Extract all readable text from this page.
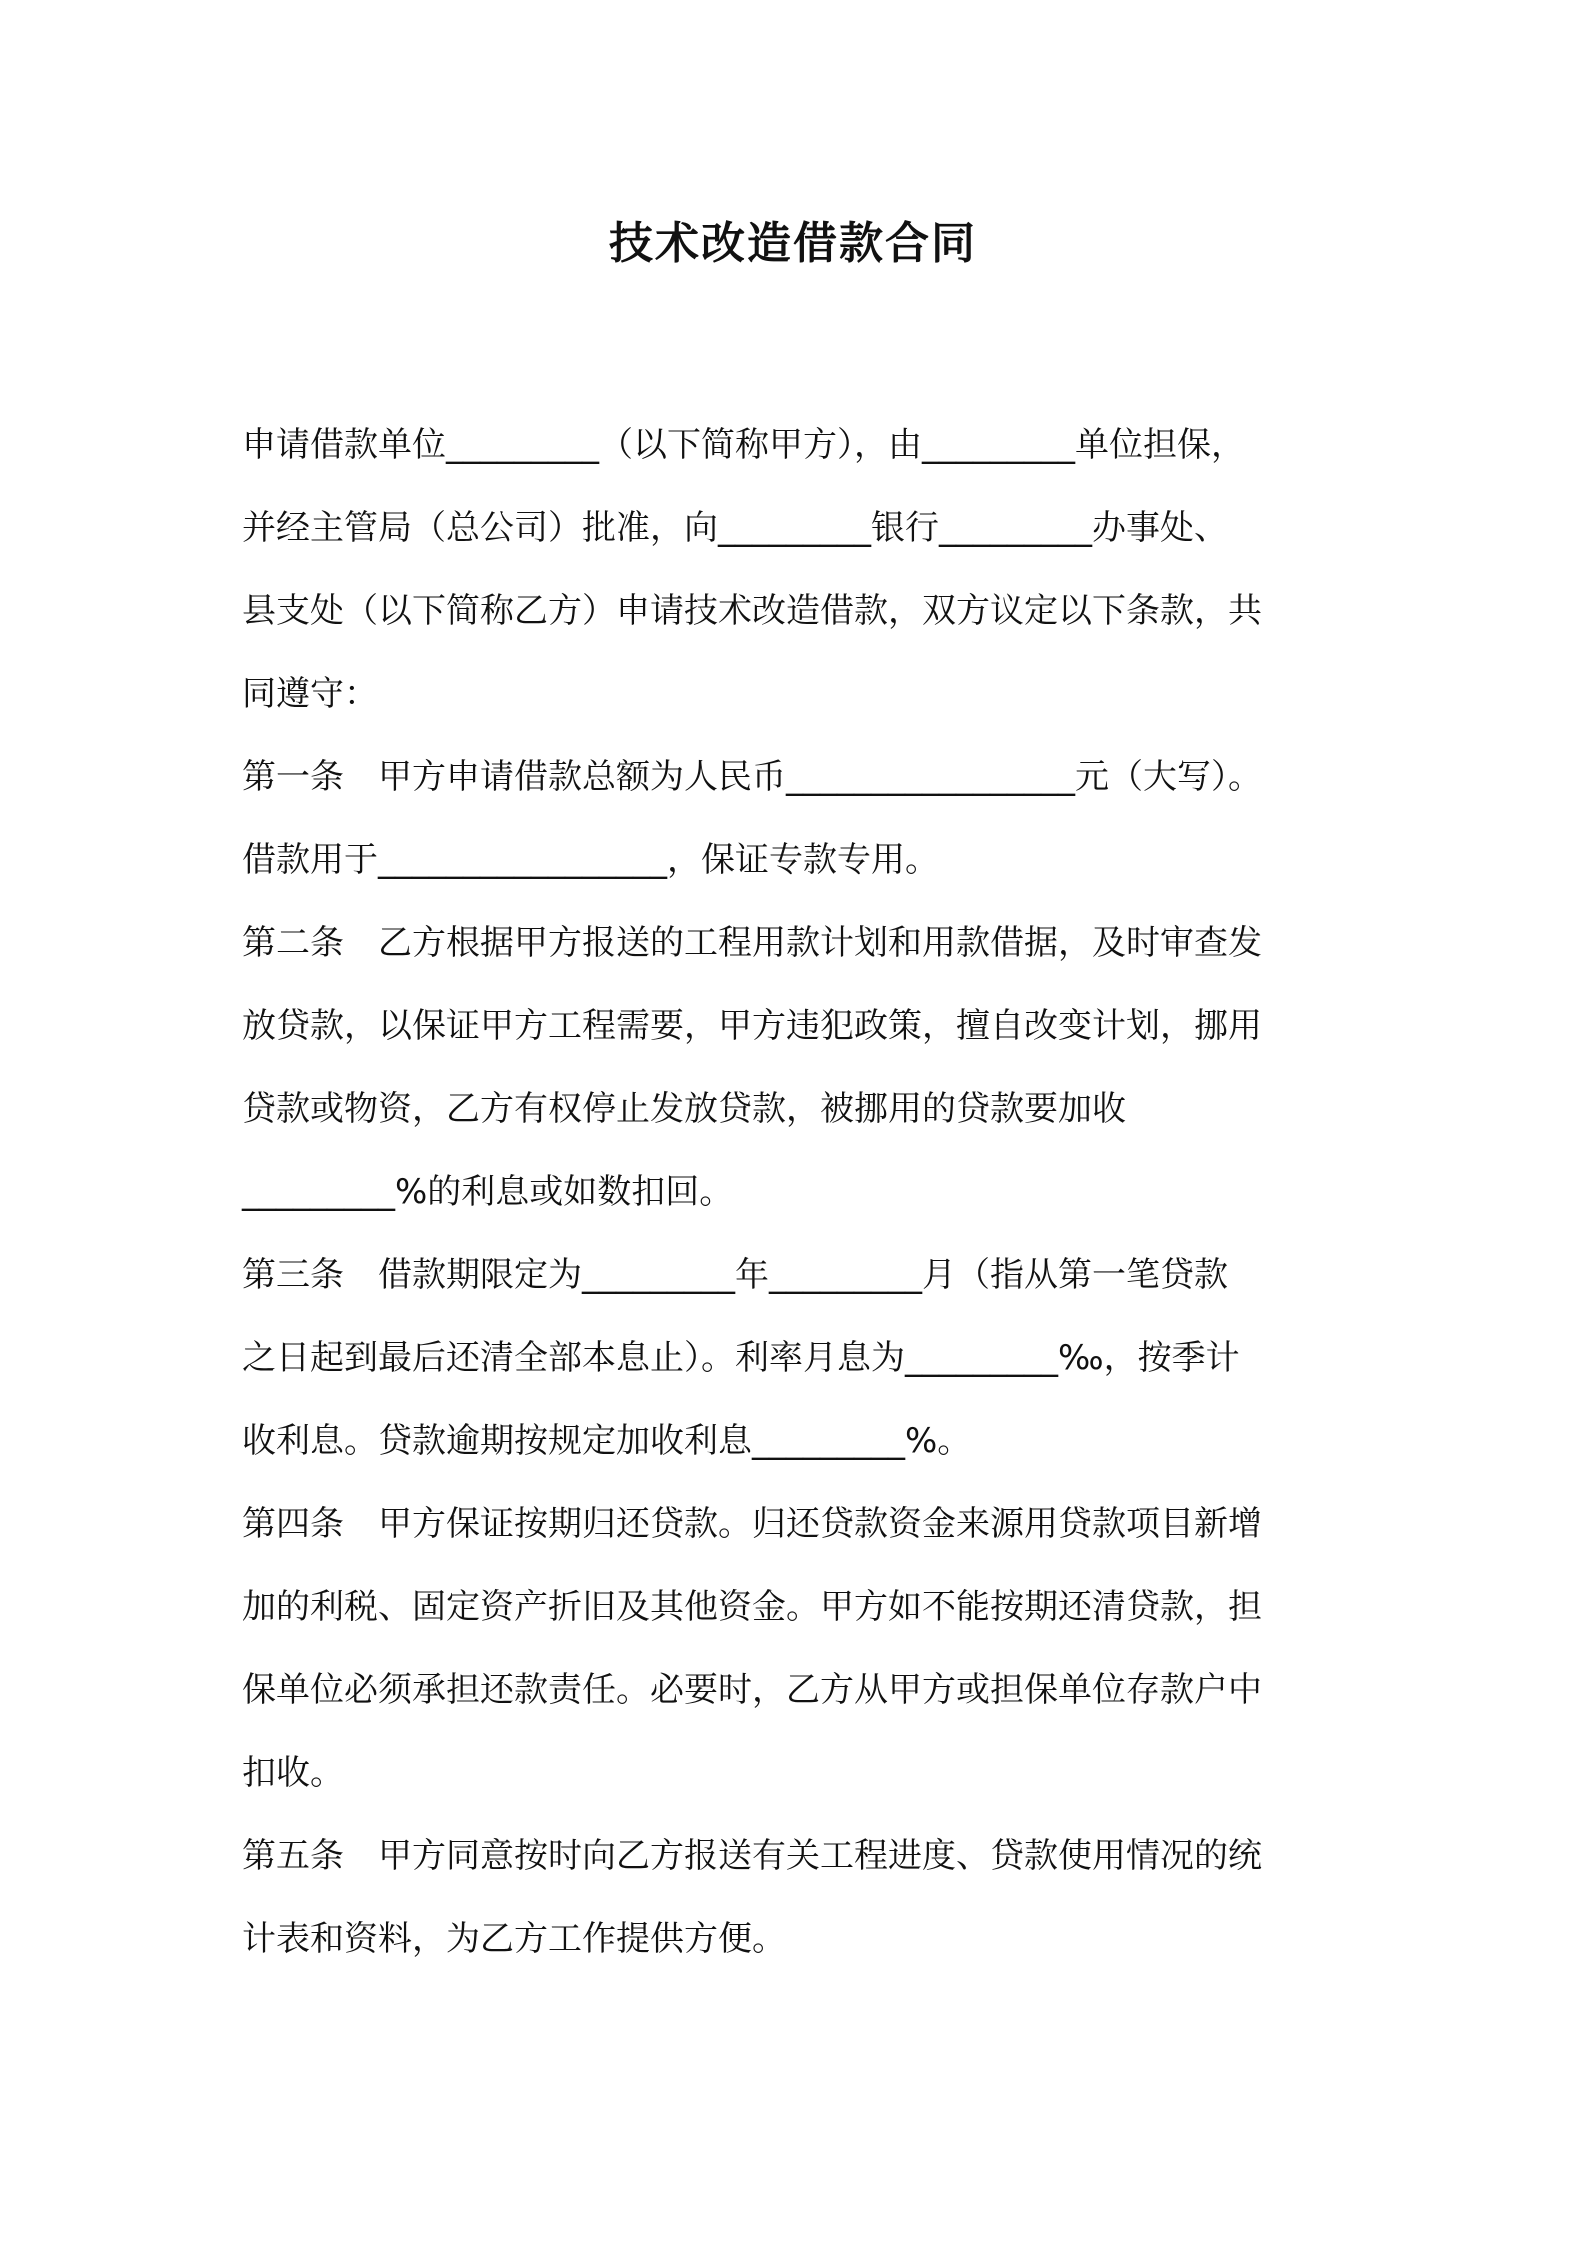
技术改造借款合同
申请借款单位_________（以下简称甲方），由_________单位担保，
并经主管局（总公司）批准，向_________银行_________办事处、
县支处（以下简称乙方）申请技术改造借款，双方议定以下条款，共
同遵守：
第一条　甲方申请借款总额为人民币_________________元（大写）。
借款用于_________________，保证专款专用。
第二条　乙方根据甲方报送的工程用款计划和用款借据，及时审查发
放贷款，以保证甲方工程需要，甲方违犯政策，擅自改变计划，挪用
贷款或物资，乙方有权停止发放贷款，被挪用的贷款要加收
_________%的利息或如数扣回。
第三条　借款期限定为_________年_________月（指从第一笔贷款
之日起到最后还清全部本息止）。利率月息为_________‰，按季计
收利息。贷款逾期按规定加收利息_________%。
第四条　甲方保证按期归还贷款。归还贷款资金来源用贷款项目新增
加的利税、固定资产折旧及其他资金。甲方如不能按期还清贷款，担
保单位必须承担还款责任。必要时，乙方从甲方或担保单位存款户中
扣收。
第五条　甲方同意按时向乙方报送有关工程进度、贷款使用情况的统
计表和资料，为乙方工作提供方便。
